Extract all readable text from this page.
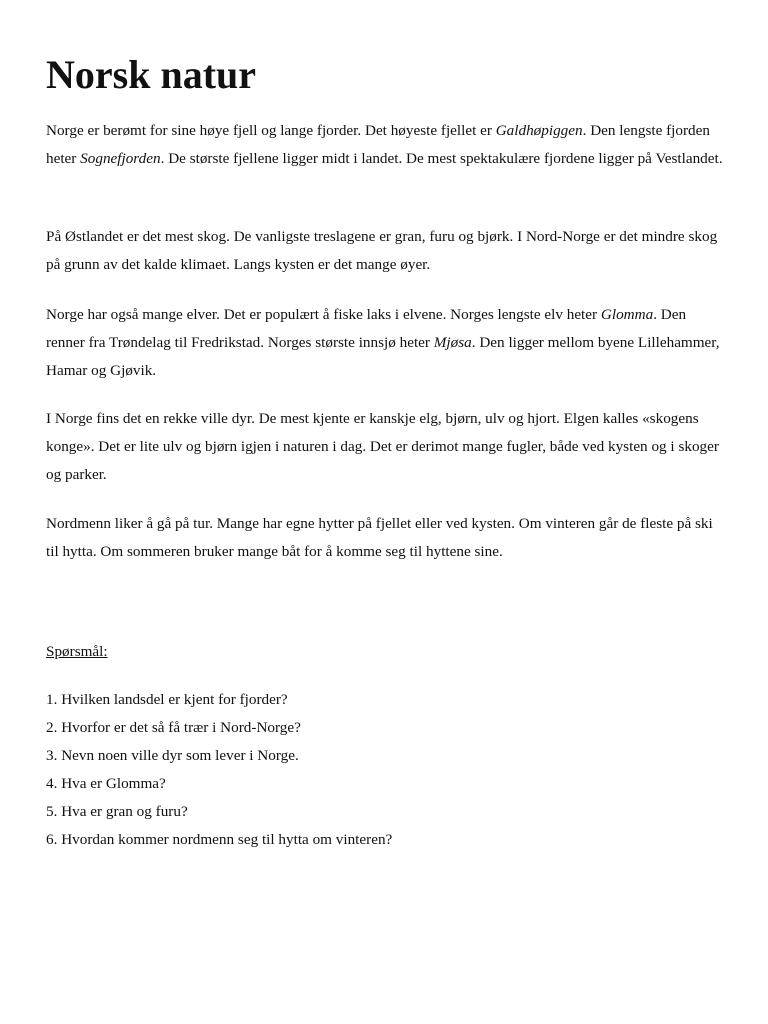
Norsk natur

Norge er berømt for sine høye fjell og lange fjorder. Det høyeste fjellet er Galdhøpiggen. Den lengste fjorden heter Sognefjorden. De største fjellene ligger midt i landet. De mest spektakulære fjordene ligger på Vestlandet.

På Østlandet er det mest skog. De vanligste treslagene er gran, furu og bjørk. I Nord-Norge er det mindre skog på grunn av det kalde klimaet. Langs kysten er det mange øyer.

Norge har også mange elver. Det er populært å fiske laks i elvene. Norges lengste elv heter Glomma. Den renner fra Trøndelag til Fredrikstad. Norges største innsjø heter Mjøsa. Den ligger mellom byene Lillehammer, Hamar og Gjøvik.

I Norge fins det en rekke ville dyr. De mest kjente er kanskje elg, bjørn, ulv og hjort. Elgen kalles «skogens konge». Det er lite ulv og bjørn igjen i naturen i dag. Det er derimot mange fugler, både ved kysten og i skoger og parker.

Nordmenn liker å gå på tur. Mange har egne hytter på fjellet eller ved kysten. Om vinteren går de fleste på ski til hytta. Om sommeren bruker mange båt for å komme seg til hyttene sine.

Spørsmål:

1. Hvilken landsdel er kjent for fjorder?
2. Hvorfor er det så få trær i Nord-Norge?
3. Nevn noen ville dyr som lever i Norge.
4. Hva er Glomma?
5. Hva er gran og furu?
6. Hvordan kommer nordmenn seg til hytta om vinteren?
